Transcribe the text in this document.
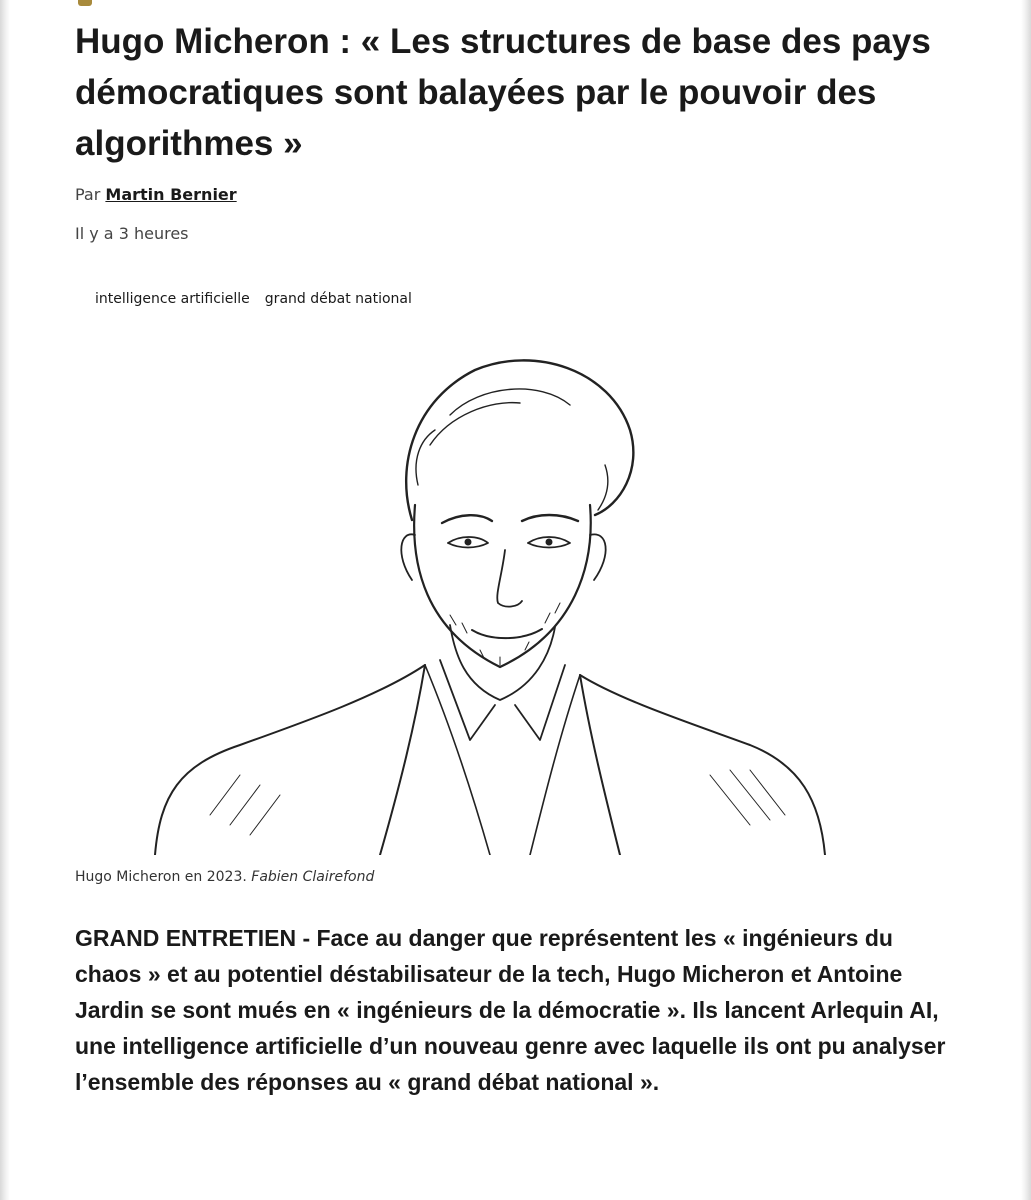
Hugo Micheron : « Les structures de base des pays démocratiques sont balayées par le pouvoir des algorithmes »
Par Martin Bernier
Il y a 3 heures
intelligence artificielle grand débat national
Hugo Micheron en 2023. Fabien Clairefond

GRAND ENTRETIEN - Face au danger que représentent les « ingénieurs du chaos » et au potentiel déstabilisateur de la tech, Hugo Micheron et Antoine Jardin se sont mués en « ingénieurs de la démocratie ». Ils lancent Arlequin AI, une intelligence artificielle d’un nouveau genre avec laquelle ils ont pu analyser l’ensemble des réponses au « grand débat national ».
